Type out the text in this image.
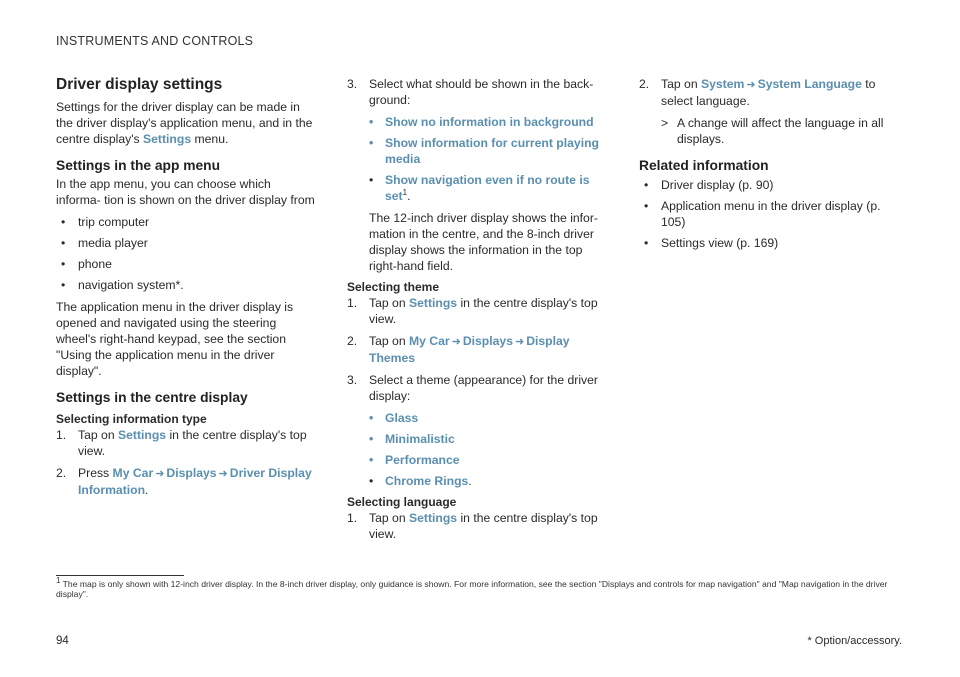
INSTRUMENTS AND CONTROLS
Driver display settings

Settings for the driver display can be made in the driver display's application menu, and in the centre display's Settings menu.

Settings in the app menu

In the app menu, you can choose which informa- tion is shown on the driver display from

• trip computer
• media player
• phone
• navigation system*.

The application menu in the driver display is opened and navigated using the steering wheel's right-hand keypad, see the section "Using the application menu in the driver display".

Settings in the centre display
Selecting information type
1. Tap on Settings in the centre display's top view.
2. Press My Car ➜ Displays ➜ Driver Display Information.
3. Select what should be shown in the back- ground:
• Show no information in background
• Show information for current playing media
• Show navigation even if no route is set$^1$.

The 12-inch driver display shows the infor- mation in the centre, and the 8-inch driver display shows the information in the top right-hand field.

Selecting theme
1. Tap on Settings in the centre display's top view.
2. Tap on My Car ➜ Displays ➜ Display Themes
3. Select a theme (appearance) for the driver display:
• Glass
• Minimalistic
• Performance
• Chrome Rings.
Selecting language
1. Tap on Settings in the centre display's top view.
2. Tap on System ➜ System Language to select language.
> A change will affect the language in all displays.
Related information
• Driver display (p. 90)
• Application menu in the driver display (p. 105)
• Settings view (p. 169)
$^1$ The map is only shown with 12-inch driver display. In the 8-inch driver display, only guidance is shown. For more information, see the section "Displays and controls for map navigation" and "Map navigation in the driver display".
94	* Option/accessory.
